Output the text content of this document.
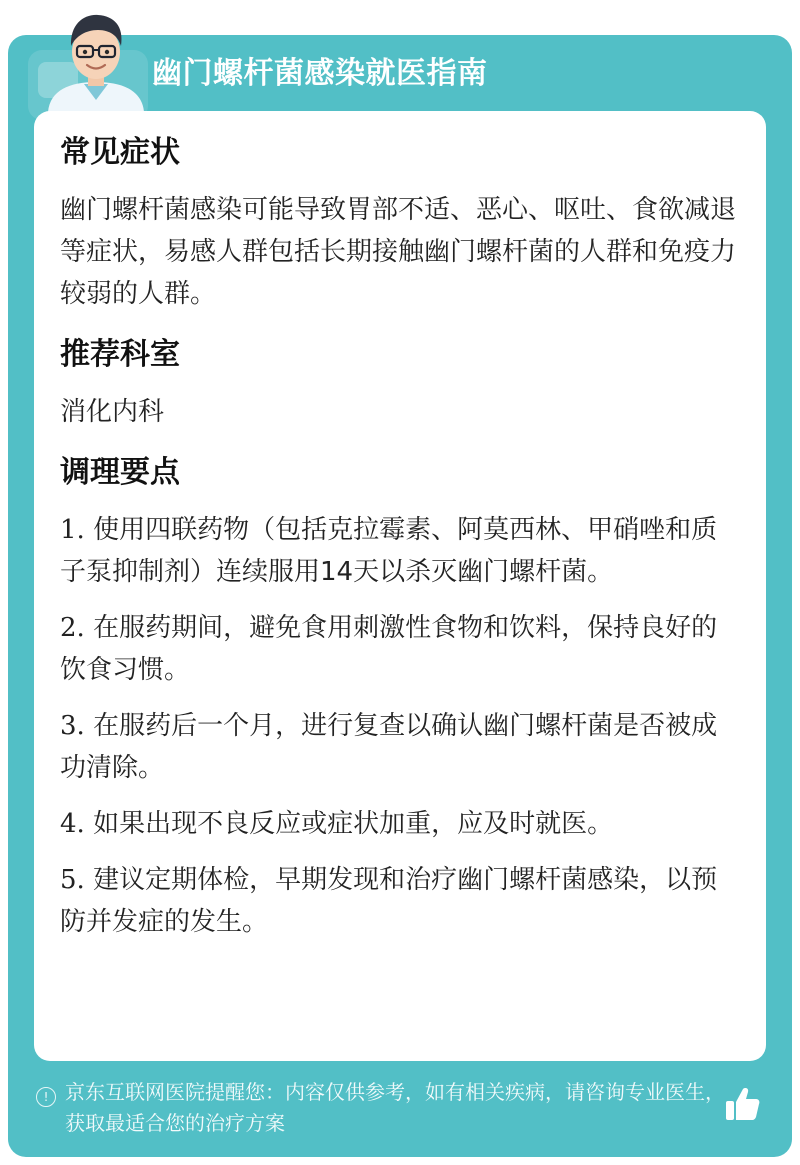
幽门螺杆菌感染就医指南
常见症状

幽门螺杆菌感染可能导致胃部不适、恶心、呕吐、食欲减退等症状，易感人群包括长期接触幽门螺杆菌的人群和免疫力较弱的人群。

推荐科室

消化内科

调理要点
1. 使用四联药物（包括克拉霉素、阿莫西林、甲硝唑和质子泵抑制剂）连续服用14天以杀灭幽门螺杆菌。
2. 在服药期间，避免食用刺激性食物和饮料，保持良好的饮食习惯。
3. 在服药后一个月，进行复查以确认幽门螺杆菌是否被成功清除。
4. 如果出现不良反应或症状加重，应及时就医。
5. 建议定期体检，早期发现和治疗幽门螺杆菌感染，以预防并发症的发生。
! 京东互联网医院提醒您：内容仅供参考，如有相关疾病，请咨询专业医生，获取最适合您的治疗方案
